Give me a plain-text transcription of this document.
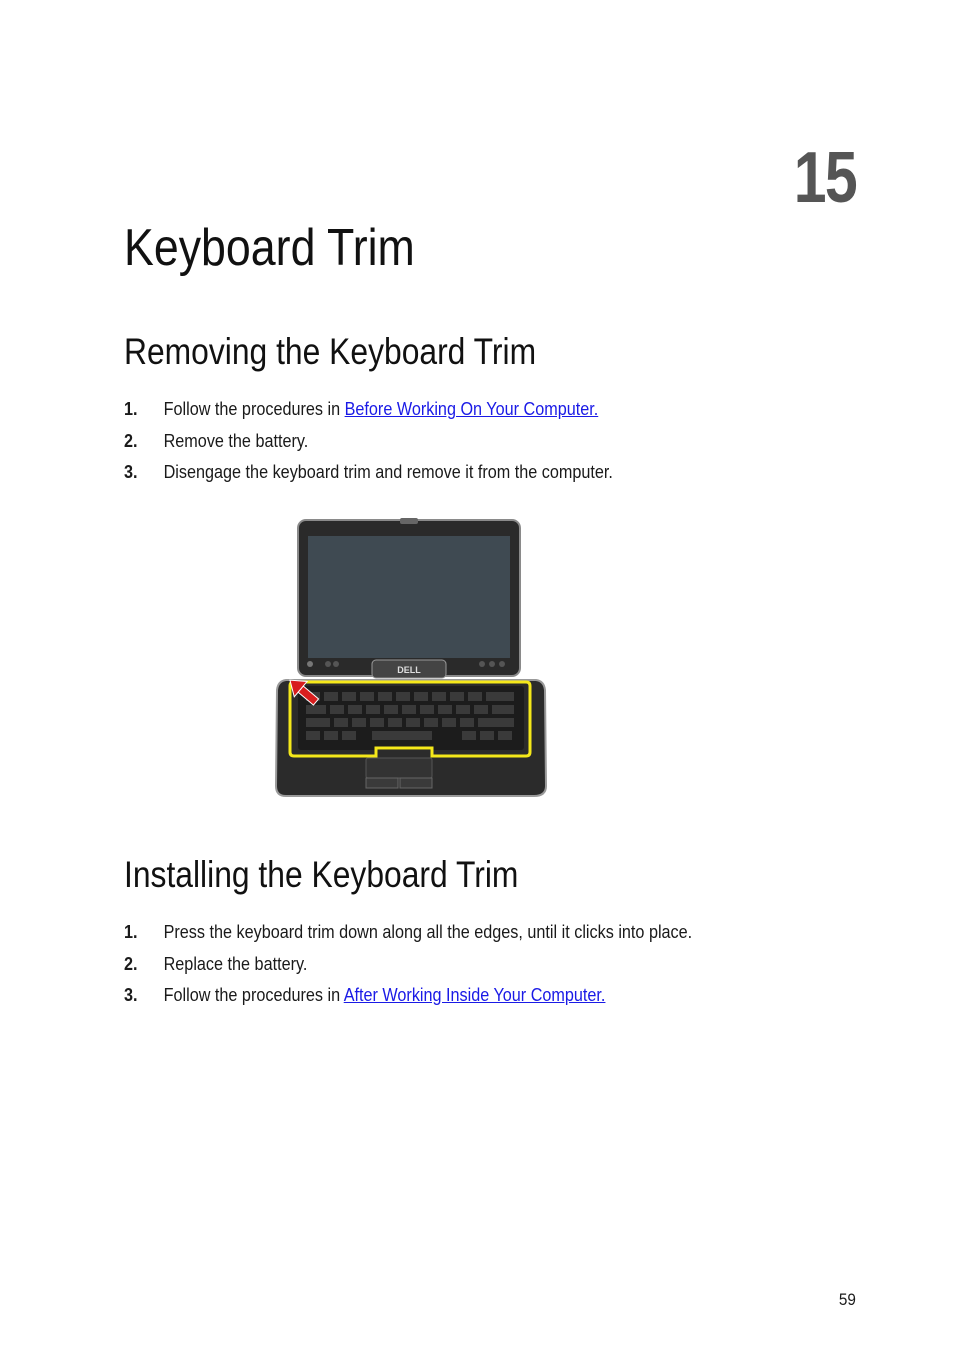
15
Keyboard Trim
Removing the Keyboard Trim
1. Follow the procedures in Before Working On Your Computer.
2. Remove the battery.
3. Disengage the keyboard trim and remove it from the computer.
DELL
Installing the Keyboard Trim
1. Press the keyboard trim down along all the edges, until it clicks into place.
2. Replace the battery.
3. Follow the procedures in After Working Inside Your Computer.
59
